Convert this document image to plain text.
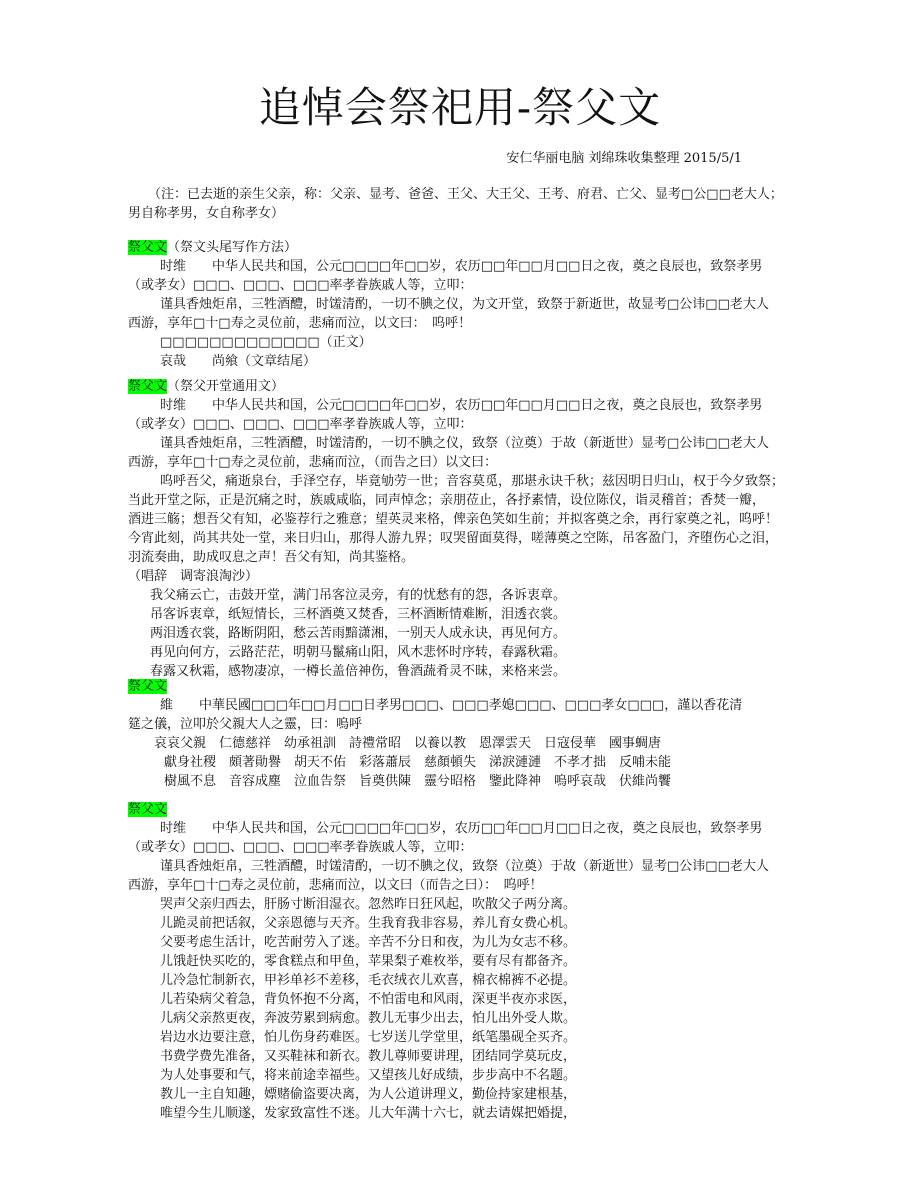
追悼会祭祀用-祭父文
安仁华丽电脑 刘绵珠收集整理 2015/5/1
（注：已去逝的亲生父亲，称：父亲、显考、爸爸、王父、大王父、王考、府君、亡父、显考□公□□老大人；男自称孝男，女自称孝女）
祭父文（祭文头尾写作方法）
时维　　中华人民共和国，公元□□□□年□□岁，农历□□年□□月□□日之夜，奠之良辰也，致祭孝男
（或孝女）□□□、□□□、□□□率孝眷族戚人等，立叩：
谨具香烛炬帛，三牲酒醴，时馐清酌，一切不腆之仪，为文开堂，致祭于新逝世，故显考□公讳□□老大人
西游，享年□十□寿之灵位前，悲痛而泣，以文曰：　呜呼！
□□□□□□□□□□□□□（正文）
哀哉　　尚飨（文章结尾）
祭父文（祭父开堂通用文）
时维　　中华人民共和国，公元□□□□年□□岁，农历□□年□□月□□日之夜，奠之良辰也，致祭孝男
（或孝女）□□□、□□□、□□□率孝眷族戚人等，立叩：
谨具香烛炬帛，三牲酒醴，时馐清酌，一切不腆之仪，致祭（泣奠）于故（新逝世）显考□公讳□□老大人
西游，享年□十□寿之灵位前，悲痛而泣，（而告之曰）以文曰：
呜呼吾父，痛逝泉台，手泽空存，毕竟劬劳一世；音容莫觅，那堪永诀千秋；兹因明日归山，权于今夕致祭；
当此开堂之际，正是沉痛之时，族戚咸临，同声悼念；亲朋莅止，各抒素情，设位陈仪，诣灵稽首；香焚一瓣，
酒进三觞；想吾父有知，必鉴荐行之雅意；望英灵来格，俾亲色笑如生前；并拟客奠之余，再行家奠之礼，呜呼！
今宵此刻，尚其共处一堂，来日归山，那得人游九界；叹哭留面莫得，嗟薄奠之空陈，吊客盈门，齐堕伤心之泪，
羽流奏曲，助成叹息之声！吾父有知，尚其鉴格。
（唱辞　调寄浪淘沙）
我父痛云亡，击鼓开堂，满门吊客泣灵旁，有的忧愁有的怨，各诉衷章。
吊客诉衷章，纸短情长，三杯酒奠又焚香，三杯酒断情难断，泪透衣裳。
两泪透衣裳，路断阴阳，愁云苦雨黯潇湘，一别天人成永诀，再见何方。
再见向何方，云路茫茫，明朝马鬣痛山阳，风木悲怀时序转，春露秋霜。
春露又秋霜，感物凄凉，一樽长盖倍神伤，鲁酒蔬肴灵不昧，来格来尝。
祭父文
維　　中華民國□□□年□□月□□日孝男□□□、□□□孝媳□□□、□□□孝女□□□，謹以香花清
筵之儀，泣叩於父親大人之靈，曰：嗚呼
哀哀父親　仁德慈祥　幼承祖訓　詩禮常昭　以養以教　恩澤雲天　日寇侵華　國事蜩唐
獻身社稷　頗著勛譽　胡天不佑　彩落蕭辰　慈顏頓失　涕淚漣漣　不孝才拙　反哺未能
樹風不息　音容成塵　泣血告祭　旨奠供陳　靈兮昭格　鑒此降神　嗚呼哀哉　伏維尚饗
祭父文
时维　　中华人民共和国，公元□□□□年□□岁，农历□□年□□月□□日之夜，奠之良辰也，致祭孝男
（或孝女）□□□、□□□、□□□率孝眷族戚人等，立叩：
谨具香烛炬帛，三牲酒醴，时馐清酌，一切不腆之仪，致祭（泣奠）于故（新逝世）显考□公讳□□老大人
西游，享年□十□寿之灵位前，悲痛而泣，以文曰（而告之曰）：　呜呼！
哭声父亲归西去，肝肠寸断泪湿衣。忽然昨日狂风起，吹散父子两分离。
儿跪灵前把话叙，父亲恩德与天齐。生我育我非容易，养儿育女费心机。
父要考虑生活计，吃苦耐劳入了迷。辛苦不分日和夜，为儿为女志不移。
儿饿赶快买吃的，零食糕点和甲鱼，苹果梨子难枚举，要有尽有都备齐。
儿冷急忙制新衣，甲衫单衫不差移，毛衣绒衣儿欢喜，棉衣棉裤不必提。
儿若染病父着急，背负怀抱不分离，不怕雷电和风雨，深更半夜亦求医，
儿病父亲熬更夜，奔波劳累到病愈。教儿无事少出去，怕儿出外受人欺。
岩边水边要注意，怕儿伤身药难医。七岁送儿学堂里，纸笔墨砚全买齐。
书费学费先准备，又买鞋袜和新衣。教儿尊师要讲理，团结同学莫玩皮，
为人处事要和气，将来前途幸福些。又望孩儿好成绩，步步高中不名题。
教儿一主自知趣，嫖赌偷盗要决离，为人公道讲理义，勤俭持家建根基，
唯望今生儿顺遂，发家致富性不迷。儿大年满十六七，就去请媒把婚提，
